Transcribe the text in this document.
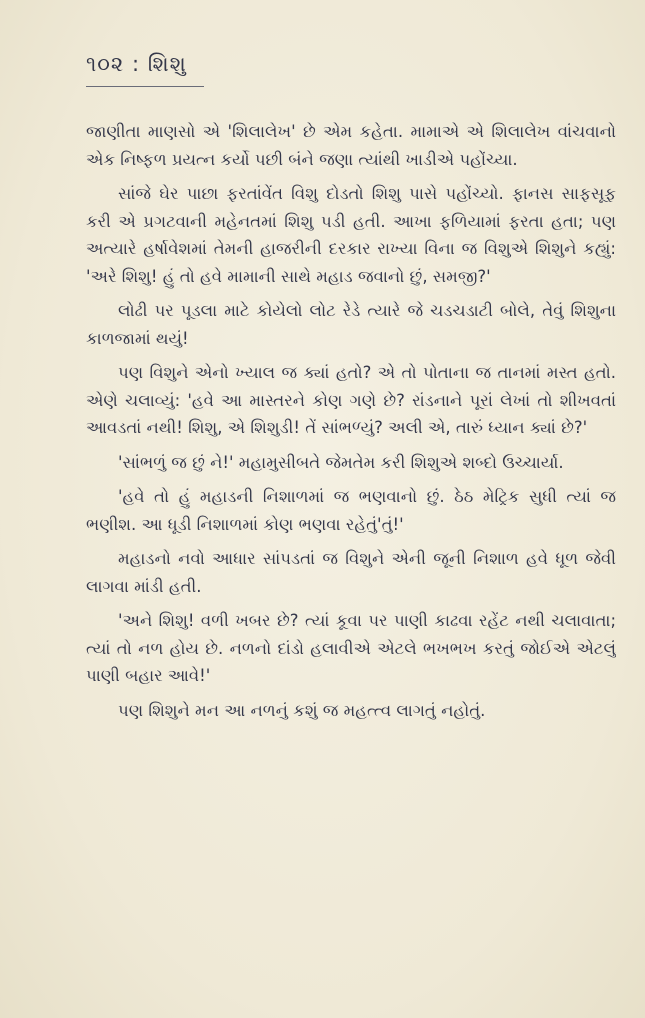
૧૦૨ : શિશુ

જાણીતા માણસો એ 'શિલાલેખ' છે એમ કહેતા. મામાએ એ શિલાલેખ વાંચવાનો એક નિષ્ફળ પ્રયત્ન કર્યો પછી બંને જણા ત્યાંથી ખાડીએ પહોંચ્યા.

સાંજે ઘેર પાછા ફરતાંવેંત વિશુ દોડતો શિશુ પાસે પહોંચ્યો. ફાનસ સાફસૂફ કરી એ પ્રગટવાની મહેનતમાં શિશુ પડી હતી. આખા ફળિયામાં ફરતા હતા; પણ અત્યારે હર્ષાવેશમાં તેમની હાજરીની દરકાર રાખ્યા વિના જ વિશુએ શિશુને કહ્યું: 'અરે શિશુ! હું તો હવે મામાની સાથે મહાડ જવાનો છું, સમજી?'

લોઢી પર પૂડલા માટે કોયેલો લોટ રેડે ત્યારે જે ચડચડાટી બોલે, તેવું શિશુના કાળજામાં થયું!

પણ વિશુને એનો ખ્યાલ જ ક્યાં હતો? એ તો પોતાના જ તાનમાં મસ્ત હતો. એણે ચલાવ્યું: 'હવે આ માસ્તરને કોણ ગણે છે? રાંડનાને પૂરાં લેખાં તો શીખવતાં આવડતાં નથી! શિશુ, એ શિશુડી! તેં સાંભળ્યું? અલી એ, તારું ધ્યાન ક્યાં છે?'

'સાંભળું જ છું ને!' મહામુસીબતે જેમતેમ કરી શિશુએ શબ્દો ઉચ્ચાર્યા.

'હવે તો હું મહાડની નિશાળમાં જ ભણવાનો છું. ઠેઠ મેટ્રિક સુધી ત્યાં જ ભણીશ. આ ધૂડી નિશાળમાં કોણ ભણવા રહેતું'તું!'

મહાડનો નવો આધાર સાંપડતાં જ વિશુને એની જૂની નિશાળ હવે ધૂળ જેવી લાગવા માંડી હતી.

'અને શિશુ! વળી ખબર છે? ત્યાં કૂવા પર પાણી કાઢવા રહેંટ નથી ચલાવાતા; ત્યાં તો નળ હોય છે. નળનો દાંડો હલાવીએ એટલે ભખભખ કરતું જોઈએ એટલું પાણી બહાર આવે!'

પણ શિશુને મન આ નળનું કશું જ મહત્ત્વ લાગતું નહોતું.
